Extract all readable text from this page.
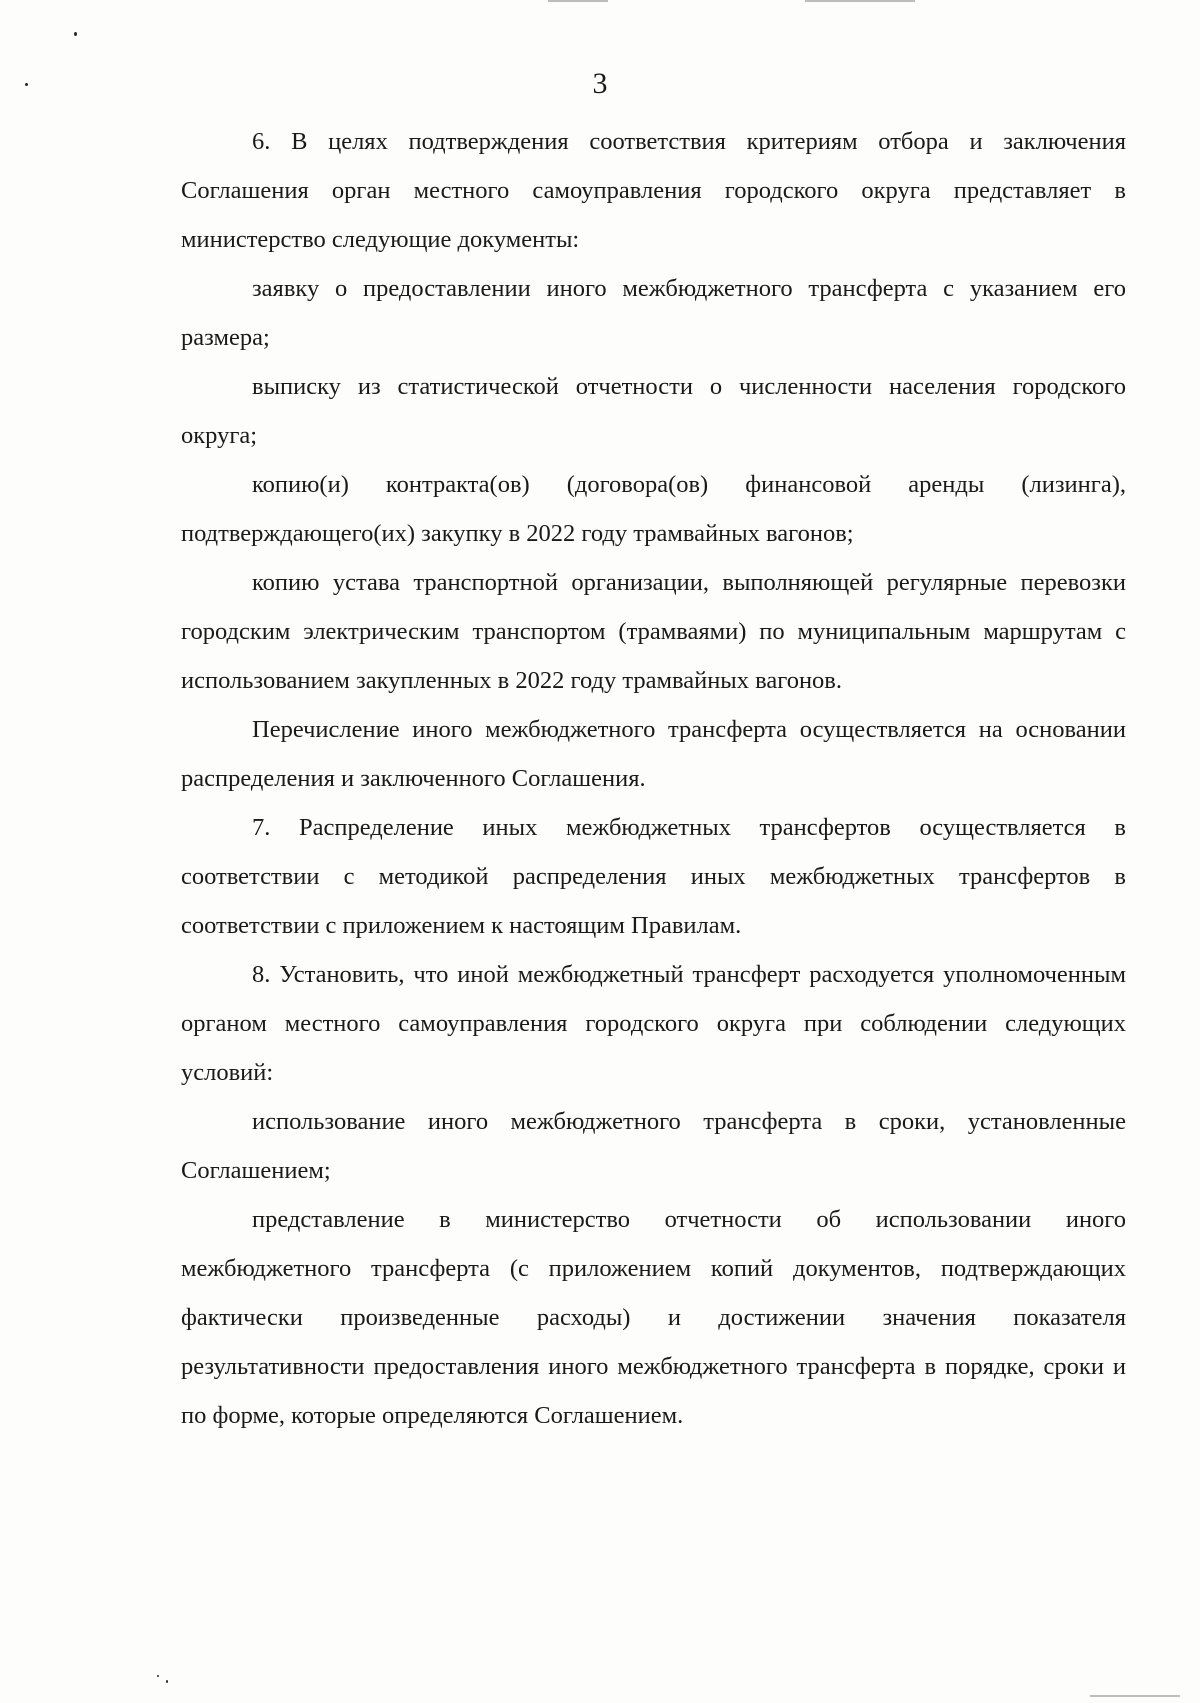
3

6. В целях подтверждения соответствия критериям отбора и заключения Соглашения орган местного самоуправления городского округа представляет в министерство следующие документы:

заявку о предоставлении иного межбюджетного трансферта с указанием его размера;

выписку из статистической отчетности о численности населения городского округа;

копию(и) контракта(ов) (договора(ов) финансовой аренды (лизинга), подтверждающего(их) закупку в 2022 году трамвайных вагонов;

копию устава транспортной организации, выполняющей регулярные перевозки городским электрическим транспортом (трамваями) по муниципальным маршрутам с использованием закупленных в 2022 году трамвайных вагонов.

Перечисление иного межбюджетного трансферта осуществляется на основании распределения и заключенного Соглашения.

7. Распределение иных межбюджетных трансфертов осуществляется в соответствии с методикой распределения иных межбюджетных трансфертов в соответствии с приложением к настоящим Правилам.

8. Установить, что иной межбюджетный трансферт расходуется уполномоченным органом местного самоуправления городского округа при соблюдении следующих условий:

использование иного межбюджетного трансферта в сроки, установленные Соглашением;

представление в министерство отчетности об использовании иного межбюджетного трансферта (с приложением копий документов, подтверждающих фактически произведенные расходы) и достижении значения показателя результативности предоставления иного межбюджетного трансферта в порядке, сроки и по форме, которые определяются Соглашением.
